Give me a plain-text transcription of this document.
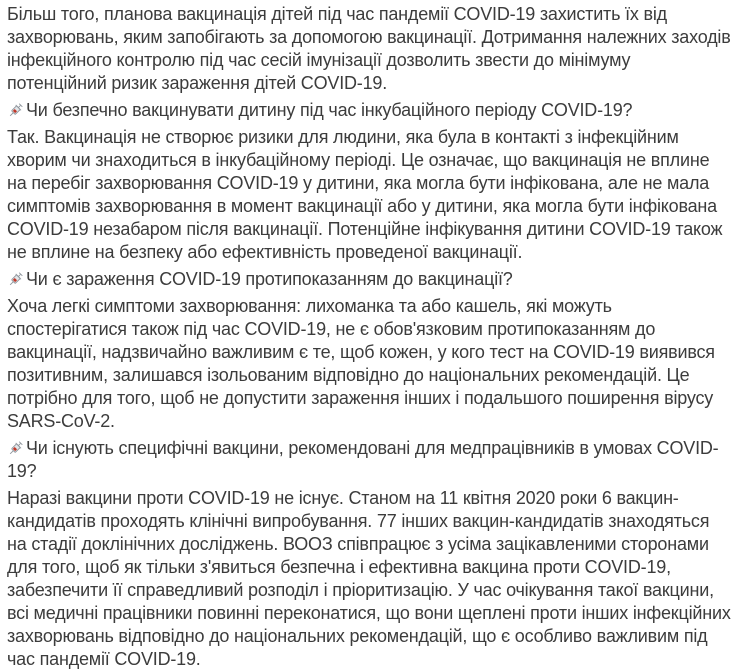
Більш того, планова вакцинація дітей під час пандемії COVID-19 захистить їх від захворювань, яким запобігають за допомогою вакцинації. Дотримання належних заходів інфекційного контролю під час сесій імунізації дозволить звести до мінімуму потенційний ризик зараження дітей COVID-19.

Чи безпечно вакцинувати дитину під час інкубаційного періоду COVID-19?

Так. Вакцинація не створює ризики для людини, яка була в контакті з інфекційним хворим чи знаходиться в інкубаційному періоді. Це означає, що вакцинація не вплине на перебіг захворювання COVID-19 у дитини, яка могла бути інфікована, але не мала симптомів захворювання в момент вакцинації або у дитини, яка могла бути інфікована COVID-19 незабаром після вакцинації. Потенційне інфікування дитини COVID-19 також не вплине на безпеку або ефективність проведеної вакцинації.

Чи є зараження COVID-19 протипоказанням до вакцинації?

Хоча легкі симптоми захворювання: лихоманка та або кашель, які можуть спостерігатися також під час COVID-19, не є обов'язковим протипоказанням до вакцинації, надзвичайно важливим є те, щоб кожен, у кого тест на COVID-19 виявився позитивним, залишався ізольованим відповідно до національних рекомендацій. Це потрібно для того, щоб не допустити зараження інших і подальшого поширення вірусу SARS-CoV-2.

Чи існують специфічні вакцини, рекомендовані для медпрацівників в умовах COVID-19?

Наразі вакцини проти COVID-19 не існує. Станом на 11 квітня 2020 роки 6 вакцин-кандидатів проходять клінічні випробування. 77 інших вакцин-кандидатів знаходяться на стадії доклінічних досліджень. ВООЗ співпрацює з усіма зацікавленими сторонами для того, щоб як тільки з'явиться безпечна і ефективна вакцина проти COVID-19, забезпечити її справедливий розподіл і пріоритизацію. У час очікування такої вакцини, всі медичні працівники повинні переконатися, що вони щеплені проти інших інфекційних захворювань відповідно до національних рекомендацій, що є особливо важливим під час пандемії COVID-19.
